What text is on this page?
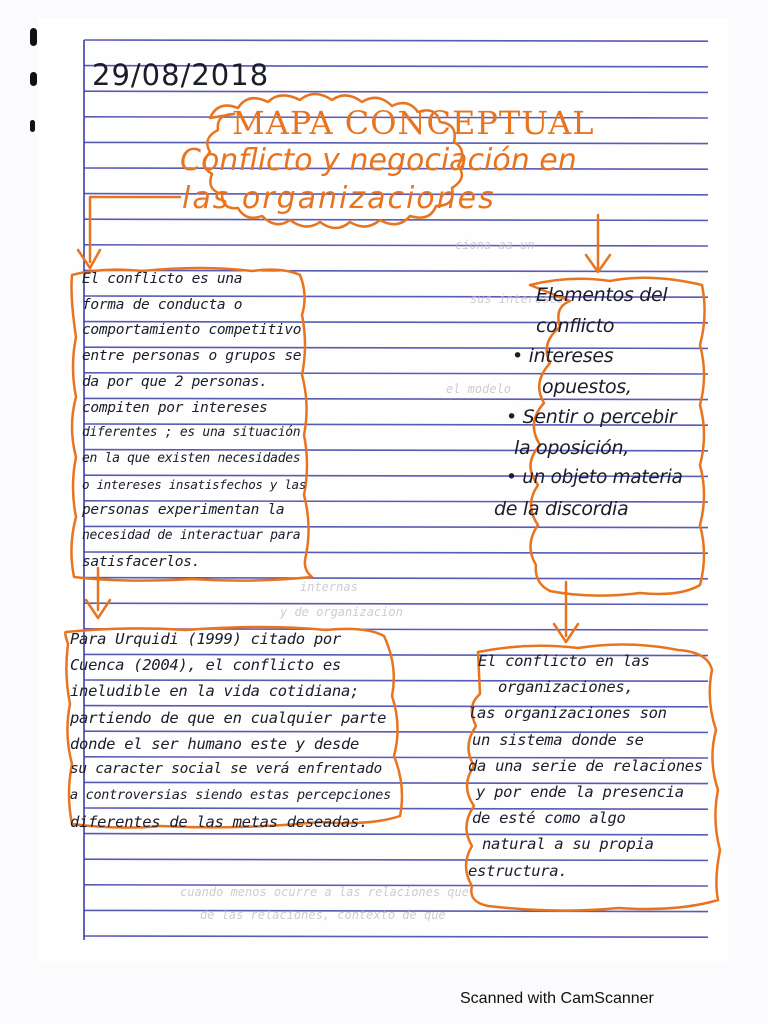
ciona aa un
sus intereses
el modelo
internas
y de organizacion
cuando menos ocurre a las relaciones que
de las relaciones, contexto de que
29/08/2018
MAPA CONCEPTUAL
Conflicto y negociación en
las organizaciones
El conflicto es una
forma de conducta o
comportamiento competitivo
entre personas o grupos se
da por que 2 personas.
compiten por intereses
diferentes ; es una situación
en la que existen necesidades
o intereses insatisfechos y las
personas experimentan la
necesidad de interactuar para
satisfacerlos.
Elementos del
conflicto
• intereses
opuestos,
• Sentir o percebir
la oposición,
• un objeto materia
de la discordia
Para Urquidi (1999) citado por
Cuenca (2004), el conflicto es
ineludible en la vida cotidiana;
partiendo de que en cualquier parte
donde el ser humano este y desde
su caracter social se verá enfrentado
a controversias siendo estas percepciones
diferentes de las metas deseadas.
El conflicto en las
organizaciones,
las organizaciones son
un sistema donde se
da una serie de relaciones
y por ende la presencia
de esté como algo
natural a su propia
estructura.
Scanned with CamScanner
